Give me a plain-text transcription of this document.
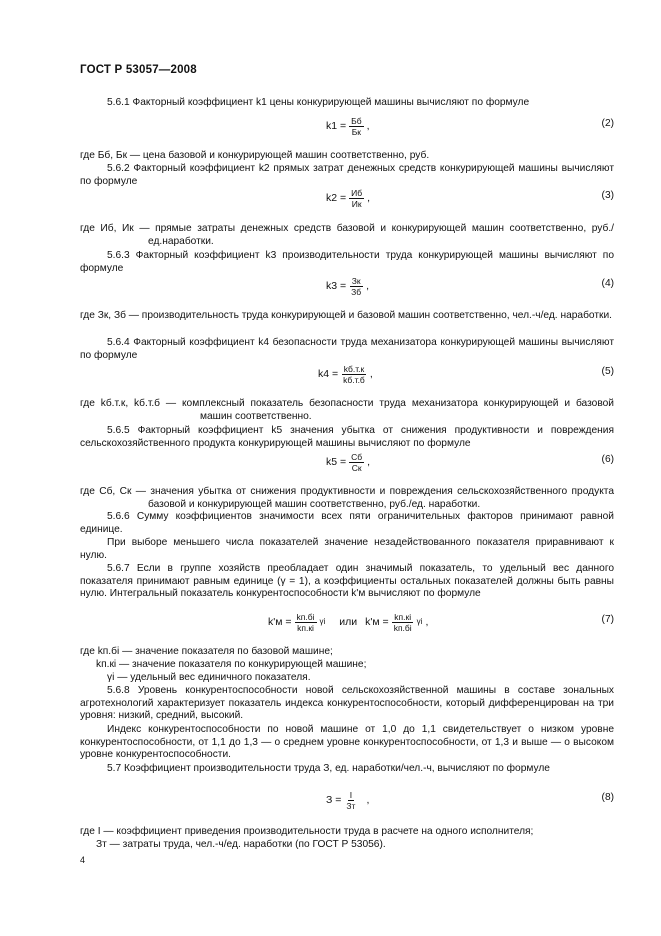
ГОСТ Р 53057—2008
5.6.1 Факторный коэффициент k1 цены конкурирующей машины вычисляют по формуле
$k1 = \frac{Бб}{Бк}$ ,	(2)
где Бб, Бк — цена базовой и конкурирующей машин соответственно, руб.
5.6.2 Факторный коэффициент k2 прямых затрат денежных средств конкурирующей машины вычисляют по формуле
$k2 = \frac{Иб}{Ик}$ ,	(3)
где Иб, Ик — прямые затраты денежных средств базовой и конкурирующей машин соответственно, руб./ед.наработки.
5.6.3 Факторный коэффициент k3 производительности труда конкурирующей машины вычисляют по формуле
$k3 = \frac{Зк}{Зб}$ ,	(4)
где Зк, Зб — производительность труда конкурирующей и базовой машин соответственно, чел.-ч/ед. наработки.
5.6.4 Факторный коэффициент k4 безопасности труда механизатора конкурирующей машины вычисляют по формуле
$k4 = \frac{kб.т.к}{kб.т.б}$ ,	(5)
где kб.т.к, kб.т.б — комплексный показатель безопасности труда механизатора конкурирующей и базовой машин соответственно.
5.6.5 Факторный коэффициент k5 значения убытка от снижения продуктивности и повреждения сельскохозяйственного продукта конкурирующей машины вычисляют по формуле
$k5 = \frac{Cб}{Cк}$ ,	(6)
где Cб, Cк — значения убытка от снижения продуктивности и повреждения сельскохозяйственного продукта базовой и конкурирующей машин соответственно, руб./ед. наработки.
5.6.6 Сумму коэффициентов значимости всех пяти ограничительных факторов принимают равной единице.
При выборе меньшего числа показателей значение незадействованного показателя приравнивают к нулю.
5.6.7 Если в группе хозяйств преобладает один значимый показатель, то удельный вес данного показателя принимают равным единице (γ = 1), а коэффициенты остальных показателей должны быть равны нулю. Интегральный показатель конкурентоспособности k'м вычисляют по формуле
$k'м = \frac{kп.бi}{kп.кi}$ γi или $k'м = \frac{kп.кi}{kп.бi}$ γi ,	(7)
где kп.бi — значение показателя по базовой машине;
kп.кi — значение показателя по конкурирующей машине;
γi — удельный вес единичного показателя.
5.6.8 Уровень конкурентоспособности новой сельскохозяйственной машины в составе зональных агротехнологий характеризует показатель индекса конкурентоспособности, который дифференцирован на три уровня: низкий, средний, высокий.
Индекс конкурентоспособности по новой машине от 1,0 до 1,1 свидетельствует о низком уровне конкурентоспособности, от 1,1 до 1,3 — о среднем уровне конкурентоспособности, от 1,3 и выше — о высоком уровне конкурентоспособности.
5.7 Коэффициент производительности труда З, ед. наработки/чел.-ч, вычисляют по формуле
$З = \frac{I}{Зт}$ ,	(8)
где I — коэффициент приведения производительности труда в расчете на одного исполнителя;
Зт — затраты труда, чел.-ч/ед. наработки (по ГОСТ Р 53056).
4
